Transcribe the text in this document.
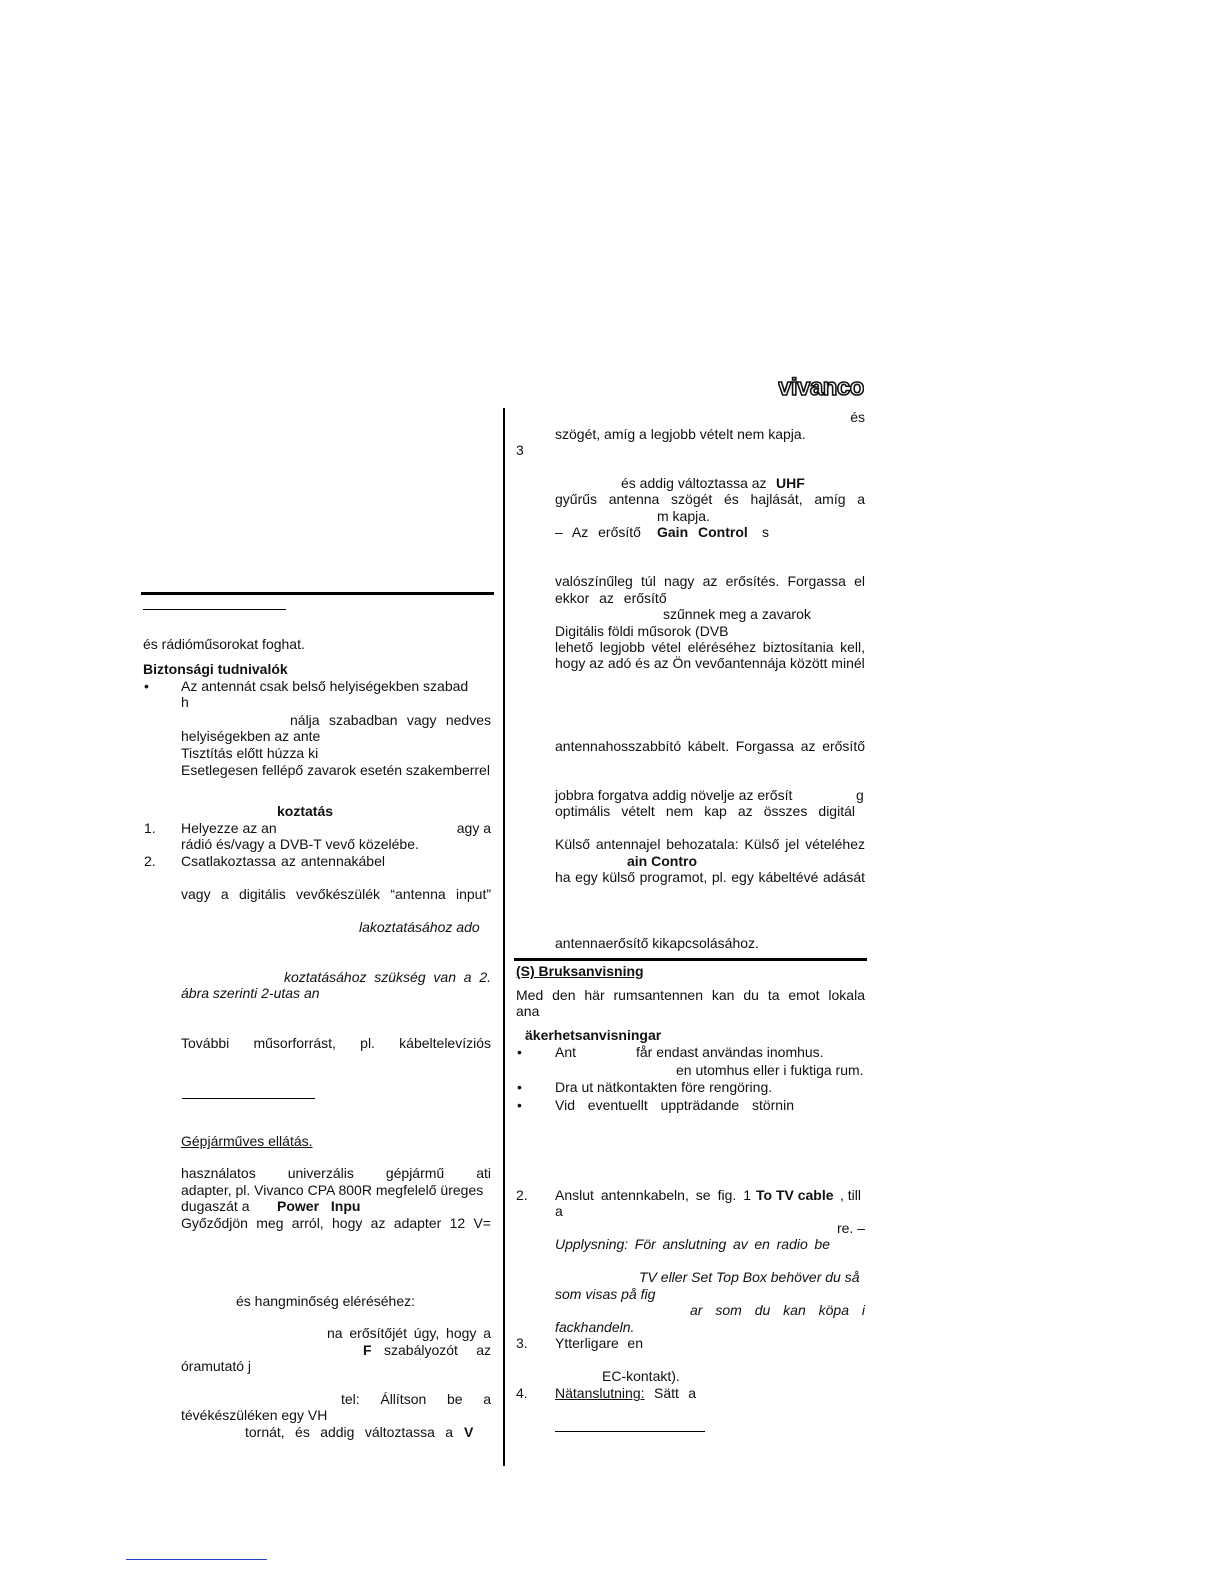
vivanco
és rádióműsorokat foghat.
Biztonsági tudnivalók
• Az antennát csak belső helyiségekben szabad
h
nálja szabadban vagy nedves
helyiségekben az ante
Tisztítás előtt húzza ki
Esetlegesen fellépő zavarok esetén szakemberrel
koztatás
1. Helyezze az an	agy a
rádió és/vagy a DVB-T vevő közelébe.
2. Csatlakoztassa az antennakábel
vagy a digitális vevőkészülék “antenna input”
lakoztatásához ado
koztatásához szükség van a 2.
ábra szerinti 2-utas an
További műsorforrást, pl. kábeltelevíziós
Gépjárműves ellátás.
használatos univerzális gépjármű ati
adapter, pl. Vivanco CPA 800R megfelelő üreges
dugaszát a Power Inpu
Győződjön meg arról, hogy az adapter 12 V=
és hangminőség eléréséhez:
na erősítőjét úgy, hogy a
F szabályozót az
óramutató j
tel: Állítson be a
tévékészüléken egy VH
tornát, és addig változtassa a V
és
szögét, amíg a legjobb vételt nem kapja.
3
és addig változtassa az UHF
gyűrűs antenna szögét és hajlását, amíg a
m kapja.
– Az erősítő Gain Control s
valószínűleg túl nagy az erősítés. Forgassa el
ekkor az erősítő
szűnnek meg a zavarok
Digitális földi műsorok (DVB
lehető legjobb vétel eléréséhez biztosítania kell,
hogy az adó és az Ön vevőantennája között minél
antennahosszabbító kábelt. Forgassa az erősítő
jobbra forgatva addig növelje az erősít	g
optimális vételt nem kap az összes digitál
Külső antennajel behozatala: Külső jel vételéhez
ain Contro
ha egy külső programot, pl. egy kábeltévé adását
antennaerősítő kikapcsolásához.
(S) Bruksanvisning
Med den här rumsantennen kan du ta emot lokala
ana
äkerhetsanvisningar
• Ant	får endast användas inomhus.
en utomhus eller i fuktiga rum.
• Dra ut nätkontakten före rengöring.
• Vid eventuellt uppträdande störnin
2. Anslut antennkabeln, se fig. 1 To TV cable , till
a
re. –
Upplysning: För anslutning av en radio be
TV eller Set Top Box behöver du så
som visas på fig
ar som du kan köpa i
fackhandeln.
3. Ytterligare en
EC-kontakt).
4. Nätanslutning: Sätt a
